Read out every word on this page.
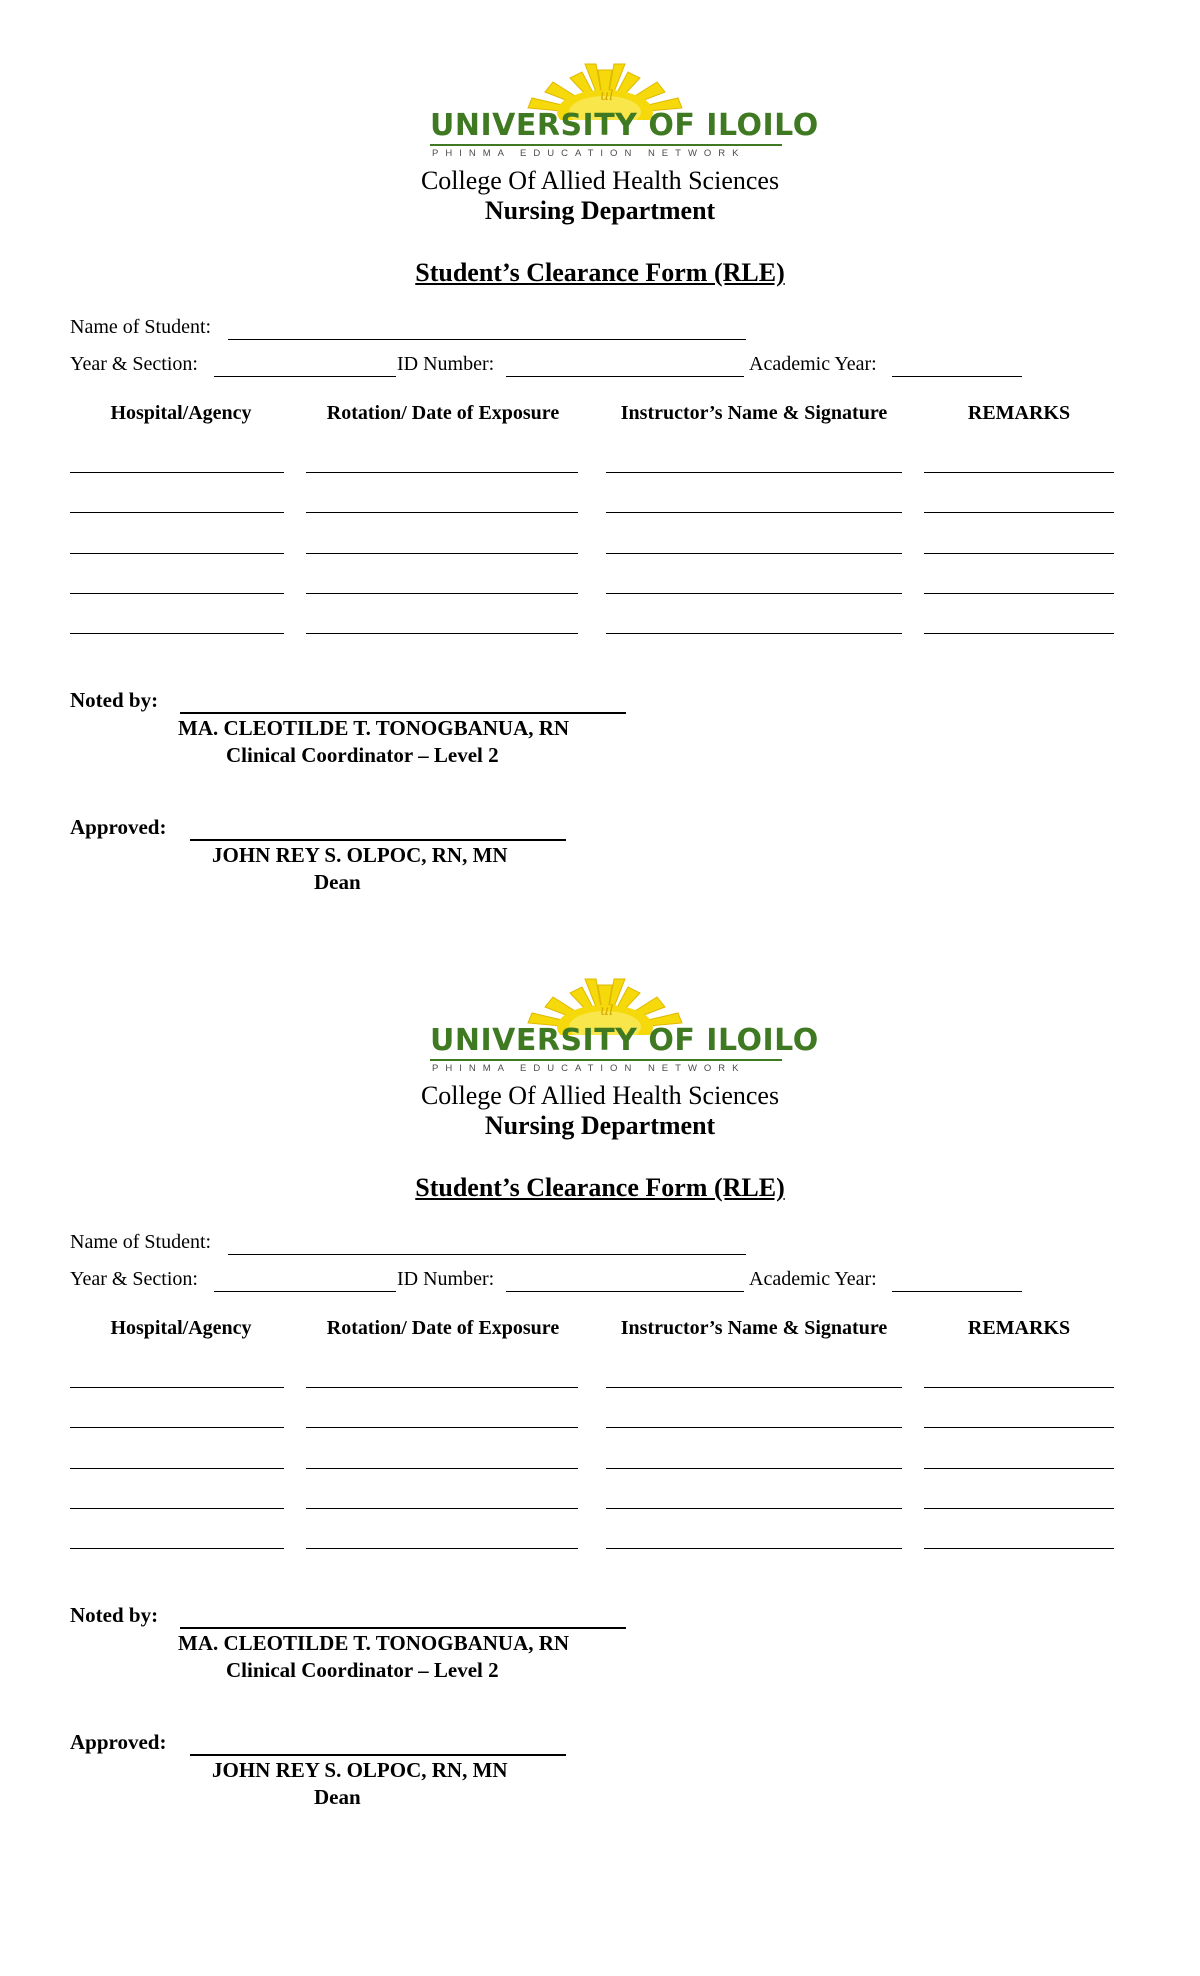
ul
UNIVERSITY OF ILOILO
PHINMA EDUCATION NETWORK
College Of Allied Health Sciences
Nursing Department
Student’s Clearance Form (RLE)
Name of Student:
Year & Section:	ID Number:	Academic Year:
Hospital/Agency	Rotation/ Date of Exposure	Instructor’s Name & Signature	REMARKS
Noted by:
MA. CLEOTILDE T. TONOGBANUA, RN
Clinical Coordinator – Level 2
Approved:
JOHN REY S. OLPOC, RN, MN
Dean
ul
UNIVERSITY OF ILOILO
PHINMA EDUCATION NETWORK
College Of Allied Health Sciences
Nursing Department
Student’s Clearance Form (RLE)
Name of Student:
Year & Section:	ID Number:	Academic Year:
Hospital/Agency	Rotation/ Date of Exposure	Instructor’s Name & Signature	REMARKS
Noted by:
MA. CLEOTILDE T. TONOGBANUA, RN
Clinical Coordinator – Level 2
Approved:
JOHN REY S. OLPOC, RN, MN
Dean
